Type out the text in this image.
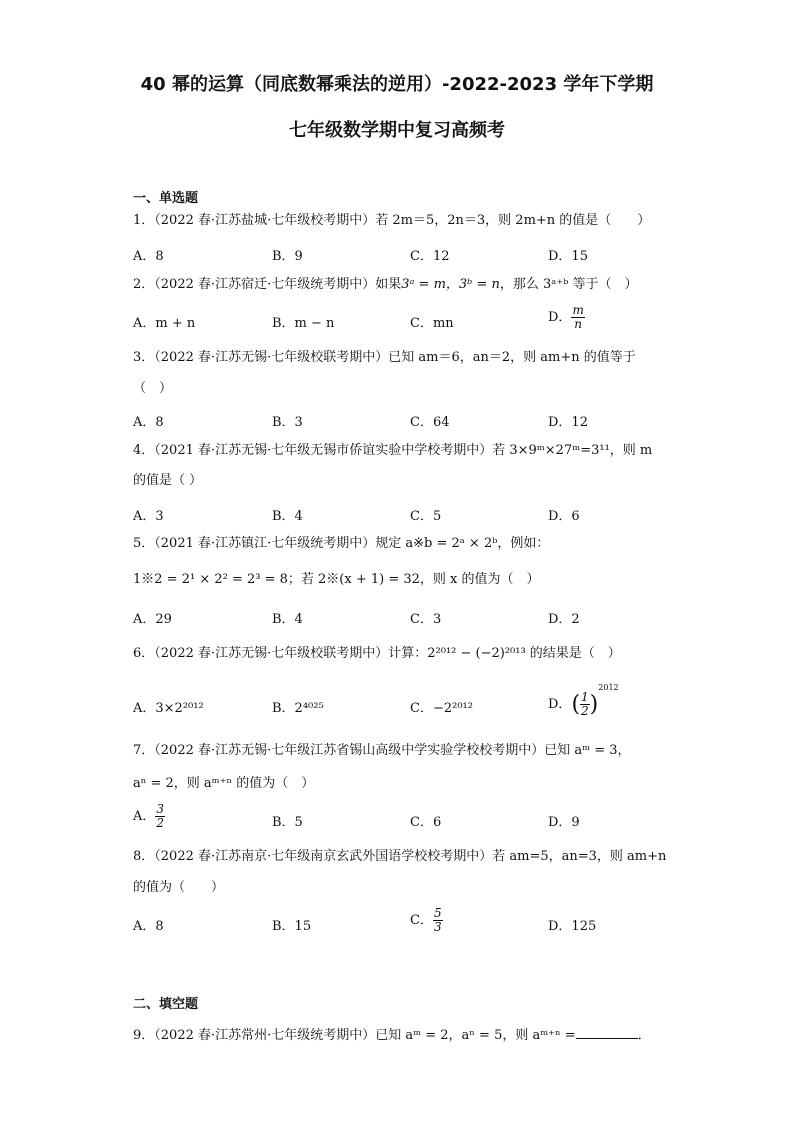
40 幂的运算（同底数幂乘法的逆用）-2022-2023 学年下学期
七年级数学期中复习高频考
一、单选题
1．（2022 春·江苏盐城·七年级校考期中）若 2m＝5，2n＝3，则 2m+n 的值是（　　）
A．8	B．9	C．12	D．15
2．（2022 春·江苏宿迁·七年级统考期中）如果3ᵃ = m，3ᵇ = n，那么 3ᵃ⁺ᵇ 等于（　）
A．m + n	B．m − n	C．mn	D． $\frac{m}{n}$
3．（2022 春·江苏无锡·七年级校联考期中）已知 am＝6，an＝2，则 am+n 的值等于
（　）
A．8	B．3	C．64	D．12
4．（2021 春·江苏无锡·七年级无锡市侨谊实验中学校考期中）若 3×9ᵐ×27ᵐ=3¹¹，则 m
的值是（ ）
A．3	B．4	C．5	D．6
5．（2021 春·江苏镇江·七年级统考期中）规定 a※b = 2ᵃ × 2ᵇ，例如：
1※2 = 2¹ × 2² = 2³ = 8；若 2※(x + 1) = 32，则 x 的值为（　）
A．29	B．4	C．3	D．2
6．（2022 春·江苏无锡·七年级校联考期中）计算：2²⁰¹² − (−2)²⁰¹³ 的结果是（　）
A．3×2²⁰¹²	B．2⁴⁰²⁵	C．−2²⁰¹²	D．( $\frac{1}{2} )^{2012}$
7．（2022 春·江苏无锡·七年级江苏省锡山高级中学实验学校校考期中）已知 aᵐ = 3，
aⁿ = 2，则 aᵐ⁺ⁿ 的值为（　）
A． $\frac{3}{2}$	B．5	C．6	D．9
8．（2022 春·江苏南京·七年级南京玄武外国语学校校考期中）若 am=5，an=3，则 am+n
的值为（　　）
A．8	B．15	C． $\frac{5}{3}$	D．125
二、填空题
9．（2022 春·江苏常州·七年级统考期中）已知 aᵐ = 2，aⁿ = 5，则 aᵐ⁺ⁿ =	．
